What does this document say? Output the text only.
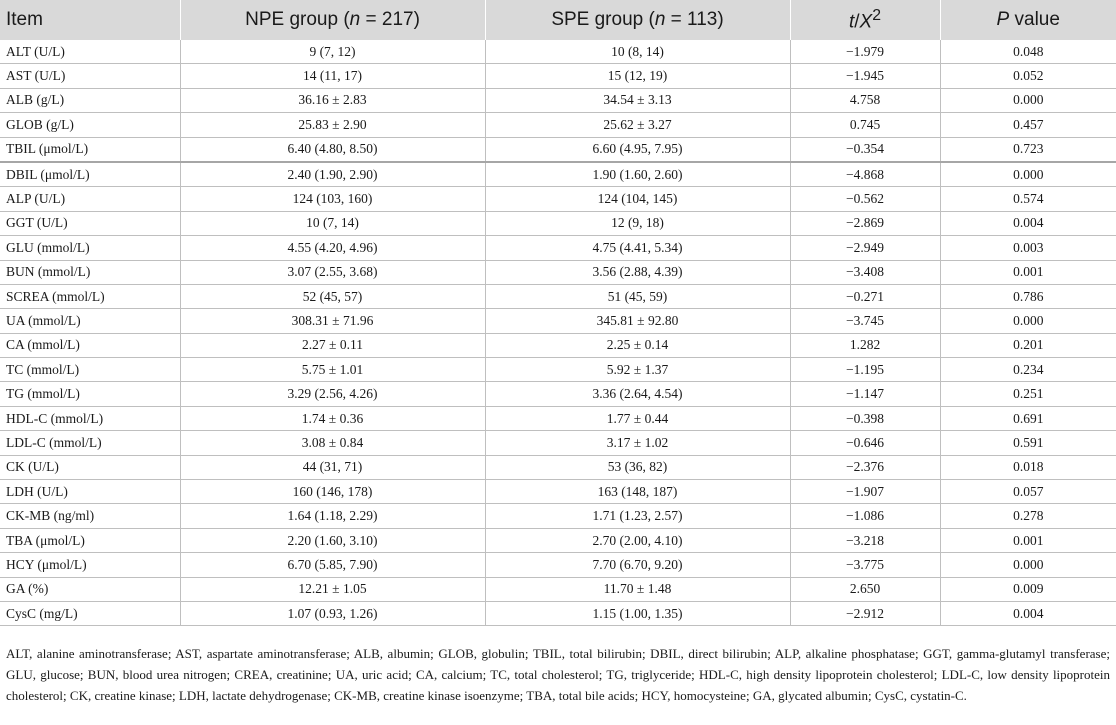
Item	NPE group (n = 217)	SPE group (n = 113)	$t/X^2$	P value
ALT (U/L)	9 (7, 12)	10 (8, 14)	−1.979	0.048
AST (U/L)	14 (11, 17)	15 (12, 19)	−1.945	0.052
ALB (g/L)	36.16 ± 2.83	34.54 ± 3.13	4.758	0.000
GLOB (g/L)	25.83 ± 2.90	25.62 ± 3.27	0.745	0.457
TBIL (μmol/L)	6.40 (4.80, 8.50)	6.60 (4.95, 7.95)	−0.354	0.723
DBIL (μmol/L)	2.40 (1.90, 2.90)	1.90 (1.60, 2.60)	−4.868	0.000
ALP (U/L)	124 (103, 160)	124 (104, 145)	−0.562	0.574
GGT (U/L)	10 (7, 14)	12 (9, 18)	−2.869	0.004
GLU (mmol/L)	4.55 (4.20, 4.96)	4.75 (4.41, 5.34)	−2.949	0.003
BUN (mmol/L)	3.07 (2.55, 3.68)	3.56 (2.88, 4.39)	−3.408	0.001
SCREA (mmol/L)	52 (45, 57)	51 (45, 59)	−0.271	0.786
UA (mmol/L)	308.31 ± 71.96	345.81 ± 92.80	−3.745	0.000
CA (mmol/L)	2.27 ± 0.11	2.25 ± 0.14	1.282	0.201
TC (mmol/L)	5.75 ± 1.01	5.92 ± 1.37	−1.195	0.234
TG (mmol/L)	3.29 (2.56, 4.26)	3.36 (2.64, 4.54)	−1.147	0.251
HDL-C (mmol/L)	1.74 ± 0.36	1.77 ± 0.44	−0.398	0.691
LDL-C (mmol/L)	3.08 ± 0.84	3.17 ± 1.02	−0.646	0.591
CK (U/L)	44 (31, 71)	53 (36, 82)	−2.376	0.018
LDH (U/L)	160 (146, 178)	163 (148, 187)	−1.907	0.057
CK-MB (ng/ml)	1.64 (1.18, 2.29)	1.71 (1.23, 2.57)	−1.086	0.278
TBA (μmol/L)	2.20 (1.60, 3.10)	2.70 (2.00, 4.10)	−3.218	0.001
HCY (μmol/L)	6.70 (5.85, 7.90)	7.70 (6.70, 9.20)	−3.775	0.000
GA (%)	12.21 ± 1.05	11.70 ± 1.48	2.650	0.009
CysC (mg/L)	1.07 (0.93, 1.26)	1.15 (1.00, 1.35)	−2.912	0.004

ALT, alanine aminotransferase; AST, aspartate aminotransferase; ALB, albumin; GLOB, globulin; TBIL, total bilirubin; DBIL, direct bilirubin; ALP, alkaline phosphatase; GGT, gamma-glutamyl transferase; GLU, glucose; BUN, blood urea nitrogen; CREA, creatinine; UA, uric acid; CA, calcium; TC, total cholesterol; TG, triglyceride; HDL-C, high density lipoprotein cholesterol; LDL-C, low density lipoprotein cholesterol; CK, creatine kinase; LDH, lactate dehydrogenase; CK-MB, creatine kinase isoenzyme; TBA, total bile acids; HCY, homocysteine; GA, glycated albumin; CysC, cystatin-C.
